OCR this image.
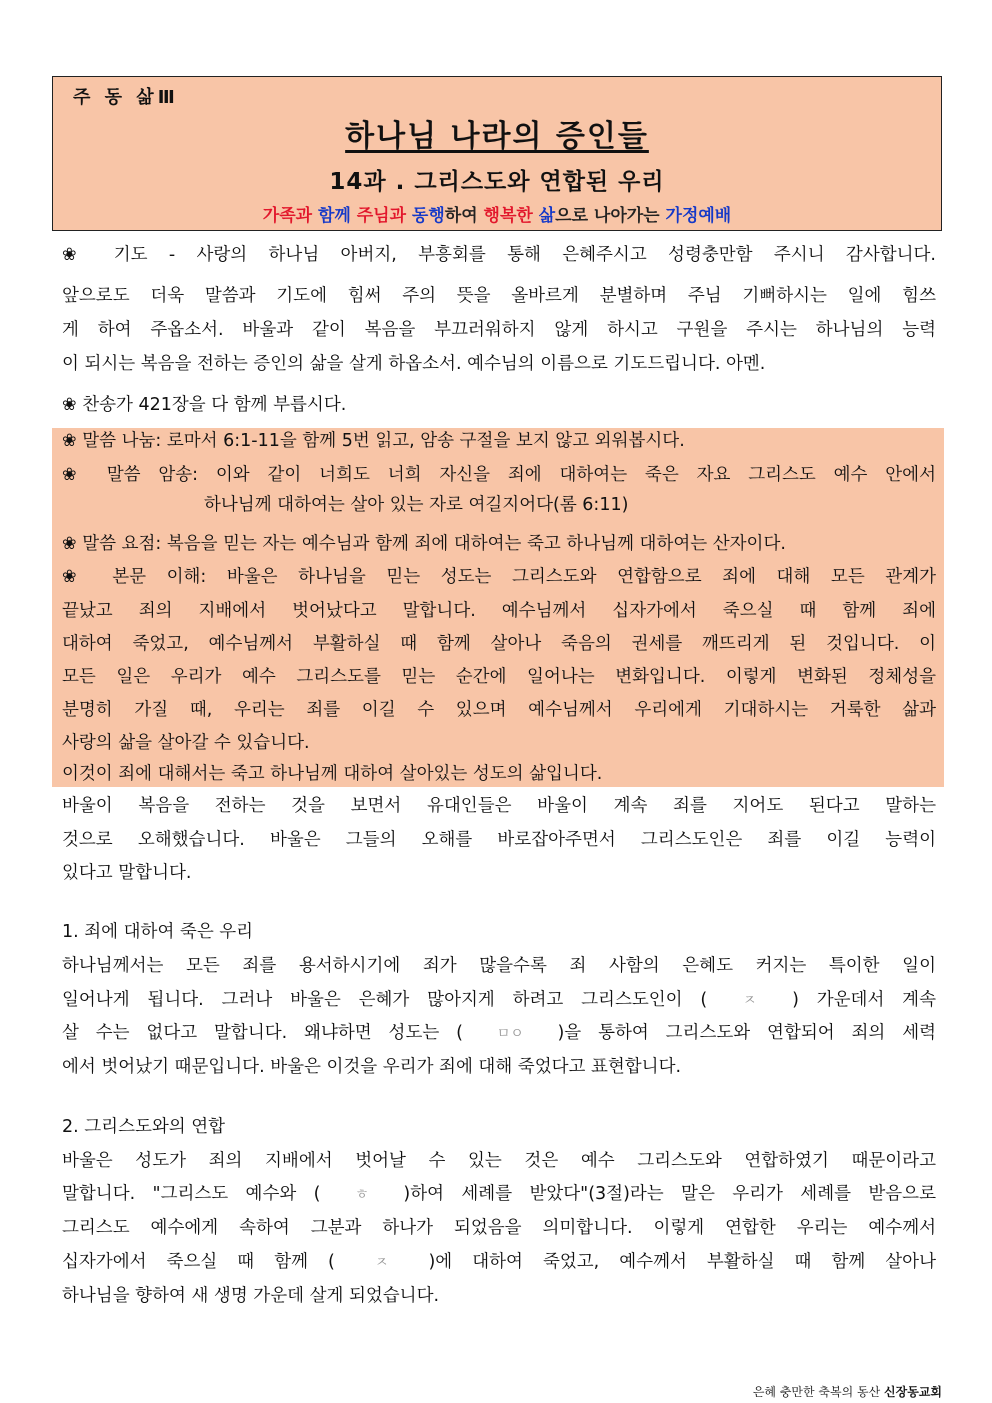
주 동 삶Ⅲ
하나님 나라의 증인들
14과 . 그리스도와 연합된 우리
가족과 함께 주님과 동행하여 행복한 삶으로 나아가는 가정예배
❀ 기도 - 사랑의 하나님 아버지, 부흥회를 통해 은혜주시고 성령충만함 주시니 감사합니다.
앞으로도 더욱 말씀과 기도에 힘써 주의 뜻을 올바르게 분별하며 주님 기뻐하시는 일에 힘쓰
게 하여 주옵소서. 바울과 같이 복음을 부끄러워하지 않게 하시고 구원을 주시는 하나님의 능력
이 되시는 복음을 전하는 증인의 삶을 살게 하옵소서. 예수님의 이름으로 기도드립니다. 아멘.
❀ 찬송가 421장을 다 함께 부릅시다.
❀ 말씀 나눔: 로마서 6:1-11을 함께 5번 읽고, 암송 구절을 보지 않고 외워봅시다.
❀ 말씀 암송: 이와 같이 너희도 너희 자신을 죄에 대하여는 죽은 자요 그리스도 예수 안에서
하나님께 대하여는 살아 있는 자로 여길지어다(롬 6:11)
❀ 말씀 요점: 복음을 믿는 자는 예수님과 함께 죄에 대하여는 죽고 하나님께 대하여는 산자이다.
❀ 본문 이해: 바울은 하나님을 믿는 성도는 그리스도와 연합함으로 죄에 대해 모든 관계가
끝났고 죄의 지배에서 벗어났다고 말합니다. 예수님께서 십자가에서 죽으실 때 함께 죄에
대하여 죽었고, 예수님께서 부활하실 때 함께 살아나 죽음의 권세를 깨뜨리게 된 것입니다. 이
모든 일은 우리가 예수 그리스도를 믿는 순간에 일어나는 변화입니다. 이렇게 변화된 정체성을
분명히 가질 때, 우리는 죄를 이길 수 있으며 예수님께서 우리에게 기대하시는 거룩한 삶과
사랑의 삶을 살아갈 수 있습니다.
이것이 죄에 대해서는 죽고 하나님께 대하여 살아있는 성도의 삶입니다.
바울이 복음을 전하는 것을 보면서 유대인들은 바울이 계속 죄를 지어도 된다고 말하는
것으로 오해했습니다. 바울은 그들의 오해를 바로잡아주면서 그리스도인은 죄를 이길 능력이
있다고 말합니다.
1. 죄에 대하여 죽은 우리
하나님께서는 모든 죄를 용서하시기에 죄가 많을수록 죄 사함의 은혜도 커지는 특이한 일이
일어나게 됩니다. 그러나 바울은 은혜가 많아지게 하려고 그리스도인이 (	ㅈ ) 가운데서 계속
살 수는 없다고 말합니다. 왜냐하면 성도는 ( ㅁㅇ )을 통하여 그리스도와 연합되어 죄의 세력
에서 벗어났기 때문입니다. 바울은 이것을 우리가 죄에 대해 죽었다고 표현합니다.
2. 그리스도와의 연합
바울은 성도가 죄의 지배에서 벗어날 수 있는 것은 예수 그리스도와 연합하였기 때문이라고
말합니다. "그리스도 예수와 ( ㅎ )하여 세례를 받았다"(3절)라는 말은 우리가 세례를 받음으로
그리스도 예수에게 속하여 그분과 하나가 되었음을 의미합니다. 이렇게 연합한 우리는 예수께서
십자가에서 죽으실 때 함께 (	ㅈ )에 대하여 죽었고, 예수께서 부활하실 때 함께 살아나
하나님을 향하여 새 생명 가운데 살게 되었습니다.
은혜 충만한 축복의 동산 신장동교회
